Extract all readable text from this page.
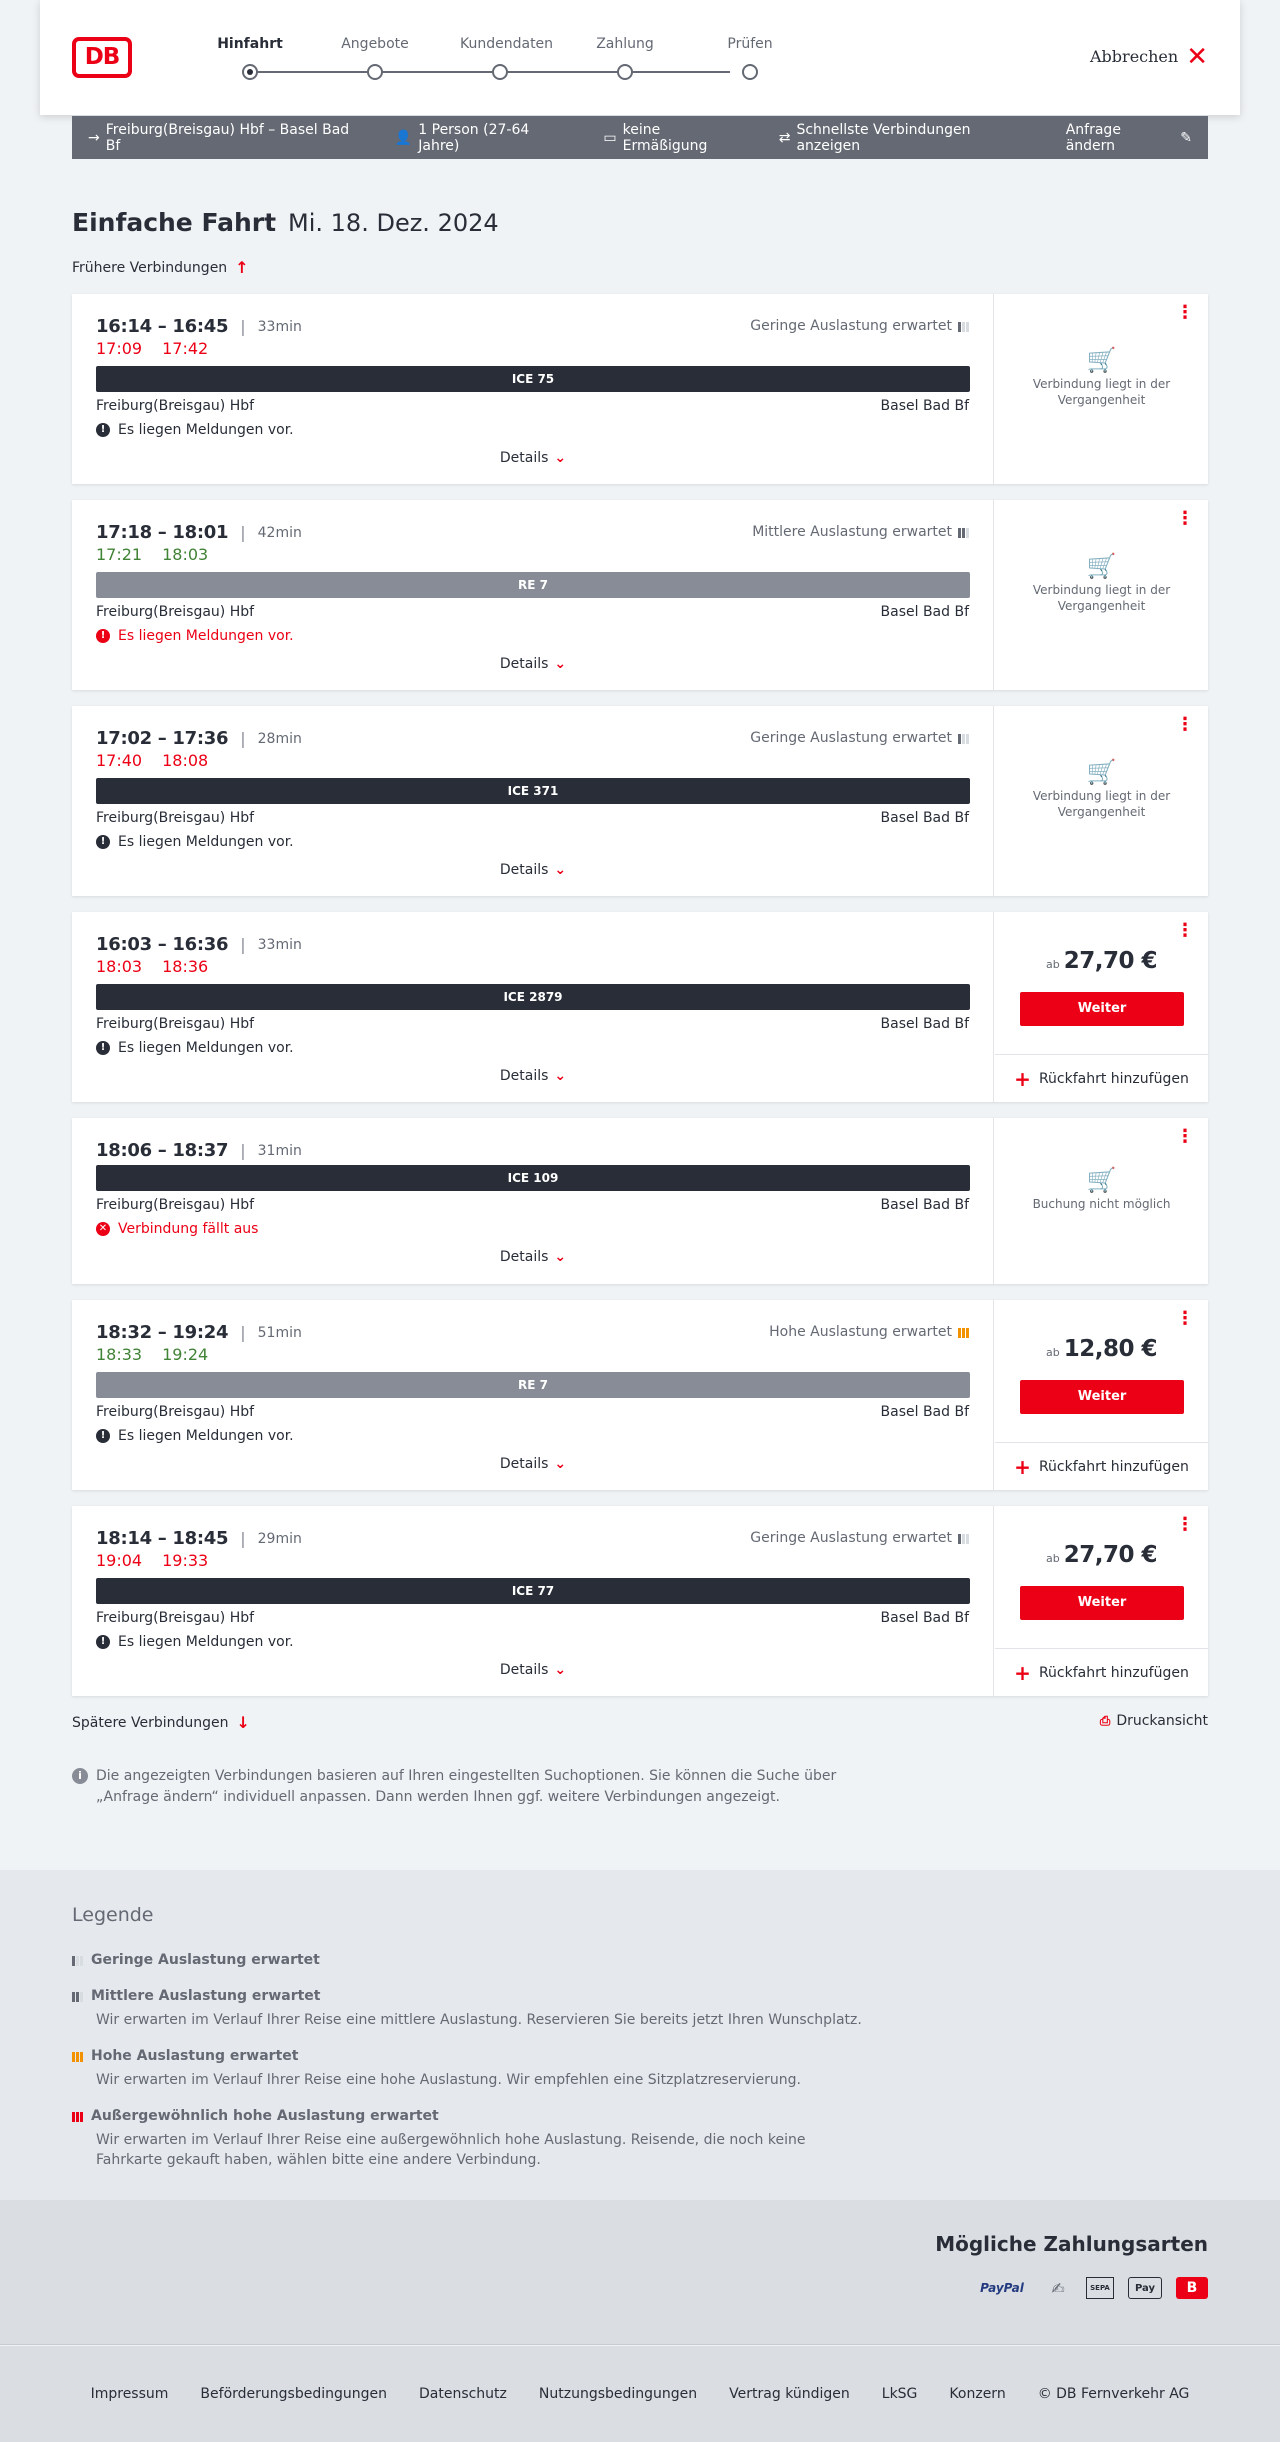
DB	Hinfahrt	Angebote	Kundendaten	Zahlung	Prüfen
Abbrechen ✕
→ Freiburg(Breisgau) Hbf – Basel Bad Bf	👤 1 Person (27-64 Jahre)	▭ keine Ermäßigung	⇄ Schnellste Verbindungen anzeigen
Anfrage ändern	✎
Einfache Fahrt Mi. 18. Dez. 2024
Frühere Verbindungen ↑
16:14 – 16:45 | 33min
17:09 17:42
Geringe Auslastung erwartet
ICE 75
Freiburg(Breisgau) Hbf	Basel Bad Bf
! Es liegen Meldungen vor.
Details ⌄
⋮
🛒
Verbindung liegt in der Vergangenheit
17:18 – 18:01 | 42min
17:21 18:03
Mittlere Auslastung erwartet
RE 7
Freiburg(Breisgau) Hbf	Basel Bad Bf
! Es liegen Meldungen vor.
Details ⌄
⋮
🛒
Verbindung liegt in der Vergangenheit
17:02 – 17:36 | 28min
17:40 18:08
Geringe Auslastung erwartet
ICE 371
Freiburg(Breisgau) Hbf	Basel Bad Bf
! Es liegen Meldungen vor.
Details ⌄
⋮
🛒
Verbindung liegt in der Vergangenheit
16:03 – 16:36 | 33min
18:03 18:36
ICE 2879
Freiburg(Breisgau) Hbf	Basel Bad Bf
! Es liegen Meldungen vor.
Details ⌄
⋮
ab 27,70 €
Weiter
+ Rückfahrt hinzufügen
18:06 – 18:37 | 31min
ICE 109
Freiburg(Breisgau) Hbf	Basel Bad Bf
✕ Verbindung fällt aus
Details ⌄
⋮
🛒
Buchung nicht möglich
18:32 – 19:24 | 51min
18:33 19:24
Hohe Auslastung erwartet
RE 7
Freiburg(Breisgau) Hbf	Basel Bad Bf
! Es liegen Meldungen vor.
Details ⌄
⋮
ab 12,80 €
Weiter
+ Rückfahrt hinzufügen
18:14 – 18:45 | 29min
19:04 19:33
Geringe Auslastung erwartet
ICE 77
Freiburg(Breisgau) Hbf	Basel Bad Bf
! Es liegen Meldungen vor.
Details ⌄
⋮
ab 27,70 €
Weiter
+ Rückfahrt hinzufügen
Spätere Verbindungen ↓	⎙ Druckansicht
i	Die angezeigten Verbindungen basieren auf Ihren eingestellten Suchoptionen. Sie können die Suche über „Anfrage ändern“ individuell anpassen. Dann werden Ihnen ggf. weitere Verbindungen angezeigt.
Legende
Geringe Auslastung erwartet
Mittlere Auslastung erwartet
Wir erwarten im Verlauf Ihrer Reise eine mittlere Auslastung. Reservieren Sie bereits jetzt Ihren Wunschplatz.
Hohe Auslastung erwartet
Wir erwarten im Verlauf Ihrer Reise eine hohe Auslastung. Wir empfehlen eine Sitzplatzreservierung.
Außergewöhnlich hohe Auslastung erwartet
Wir erwarten im Verlauf Ihrer Reise eine außergewöhnlich hohe Auslastung. Reisende, die noch keine Fahrkarte gekauft haben, wählen bitte eine andere Verbindung.
Mögliche Zahlungsarten
PayPal	✍	SEPA	Pay	B
Impressum Beförderungsbedingungen Datenschutz Nutzungsbedingungen Vertrag kündigen LkSG Konzern © DB Fernverkehr AG
